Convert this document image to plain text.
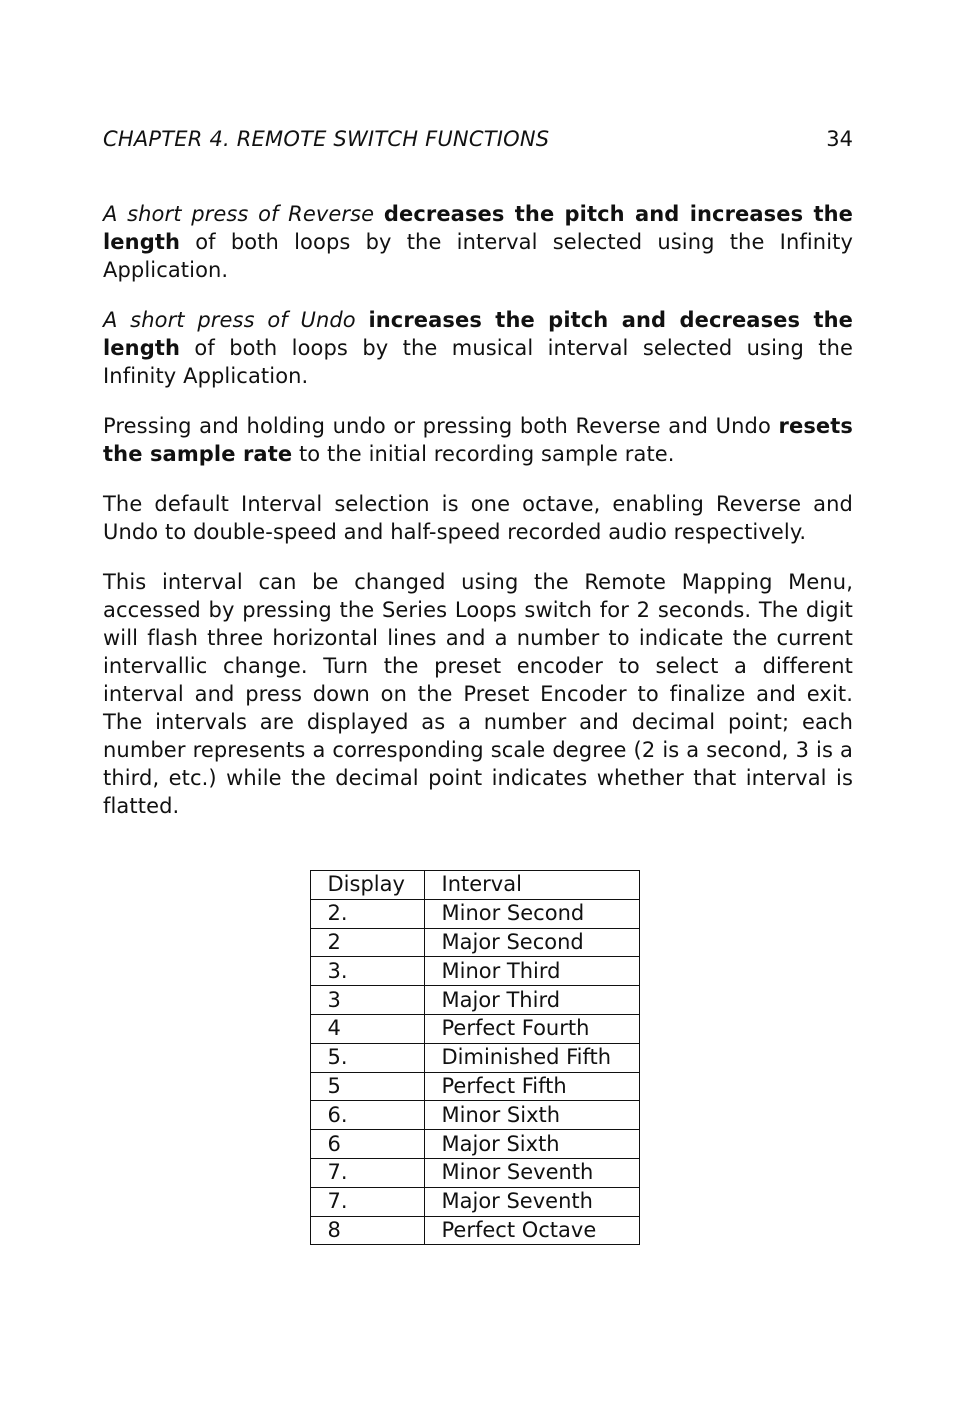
CHAPTER 4. REMOTE SWITCH FUNCTIONS	34

A short press of Reverse decreases the pitch and increases the length of both loops by the interval selected using the Infinity Application.

A short press of Undo increases the pitch and decreases the length of both loops by the musical interval selected using the Infinity Application.

Pressing and holding undo or pressing both Reverse and Undo resets the sample rate to the initial recording sample rate.

The default Interval selection is one octave, enabling Reverse and Undo to double-speed and half-speed recorded audio respectively.

This interval can be changed using the Remote Mapping Menu, accessed by pressing the Series Loops switch for 2 seconds. The digit will flash three horizontal lines and a number to indicate the current intervallic change. Turn the preset encoder to select a different interval and press down on the Preset Encoder to finalize and exit. The intervals are displayed as a number and decimal point; each number represents a corresponding scale degree (2 is a second, 3 is a third, etc.) while the decimal point indicates whether that interval is flatted.

Display	Interval
2.	Minor Second
2	Major Second
3.	Minor Third
3	Major Third
4	Perfect Fourth
5.	Diminished Fifth
5	Perfect Fifth
6.	Minor Sixth
6	Major Sixth
7.	Minor Seventh
7.	Major Seventh
8	Perfect Octave
